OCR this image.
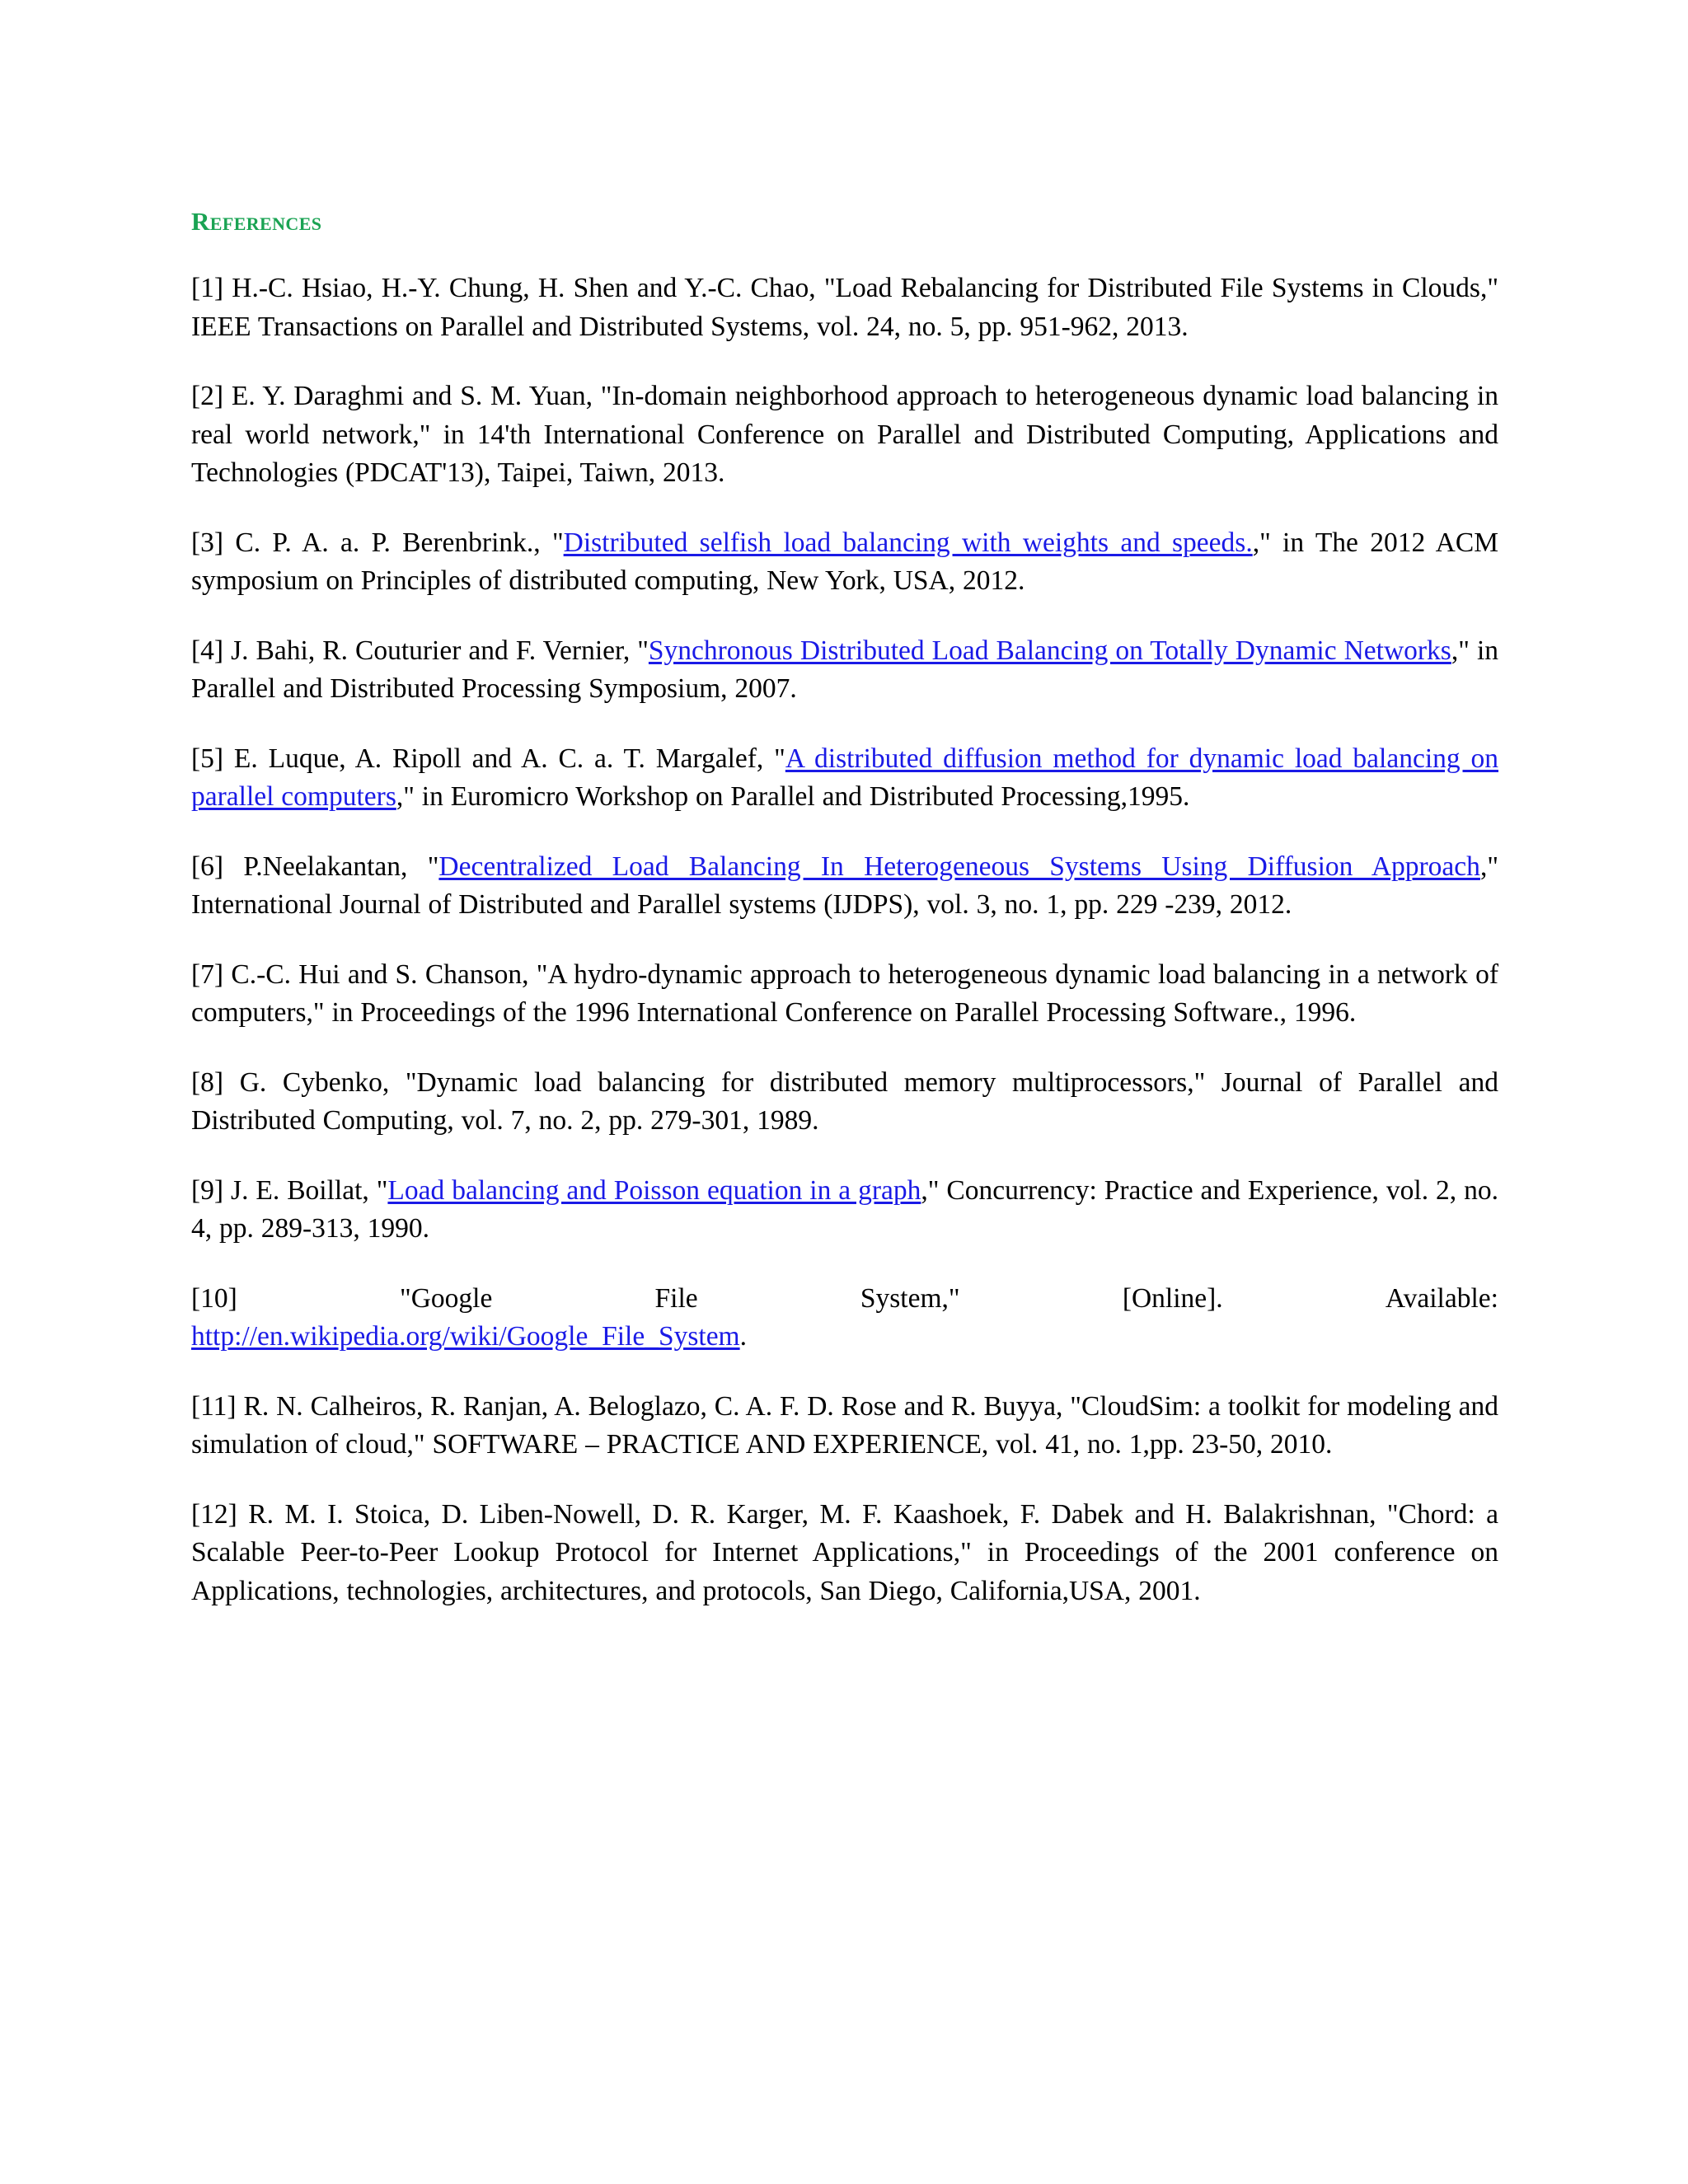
References

[1] H.-C. Hsiao, H.-Y. Chung, H. Shen and Y.-C. Chao, "Load Rebalancing for Distributed File Systems in Clouds," IEEE Transactions on Parallel and Distributed Systems, vol. 24, no. 5, pp. 951-962, 2013.

[2] E. Y. Daraghmi and S. M. Yuan, "In-domain neighborhood approach to heterogeneous dynamic load balancing in real world network," in 14'th International Conference on Parallel and Distributed Computing, Applications and Technologies (PDCAT'13), Taipei, Taiwn, 2013.

[3] C. P. A. a. P. Berenbrink., "Distributed selfish load balancing with weights and speeds.," in The 2012 ACM symposium on Principles of distributed computing, New York, USA, 2012.

[4] J. Bahi, R. Couturier and F. Vernier, "Synchronous Distributed Load Balancing on Totally Dynamic Networks," in Parallel and Distributed Processing Symposium, 2007.

[5] E. Luque, A. Ripoll and A. C. a. T. Margalef, "A distributed diffusion method for dynamic load balancing on parallel computers," in Euromicro Workshop on Parallel and Distributed Processing,1995.

[6] P.Neelakantan, "Decentralized Load Balancing In Heterogeneous Systems Using Diffusion Approach," International Journal of Distributed and Parallel systems (IJDPS), vol. 3, no. 1, pp. 229 -239, 2012.

[7] C.-C. Hui and S. Chanson, "A hydro-dynamic approach to heterogeneous dynamic load balancing in a network of computers," in Proceedings of the 1996 International Conference on Parallel Processing Software., 1996.

[8] G. Cybenko, "Dynamic load balancing for distributed memory multiprocessors," Journal of Parallel and Distributed Computing, vol. 7, no. 2, pp. 279-301, 1989.

[9] J. E. Boillat, "Load balancing and Poisson equation in a graph," Concurrency: Practice and Experience, vol. 2, no. 4, pp. 289-313, 1990.

[10]	"Google	File	System,"	[Online].	Available:
http://en.wikipedia.org/wiki/Google_File_System.

[11] R. N. Calheiros, R. Ranjan, A. Beloglazo, C. A. F. D. Rose and R. Buyya, "CloudSim: a toolkit for modeling and simulation of cloud," SOFTWARE – PRACTICE AND EXPERIENCE, vol. 41, no. 1,pp. 23-50, 2010.

[12] R. M. I. Stoica, D. Liben-Nowell, D. R. Karger, M. F. Kaashoek, F. Dabek and H. Balakrishnan, "Chord: a Scalable Peer-to-Peer Lookup Protocol for Internet Applications," in Proceedings of the 2001 conference on Applications, technologies, architectures, and protocols, San Diego, California,USA, 2001.
